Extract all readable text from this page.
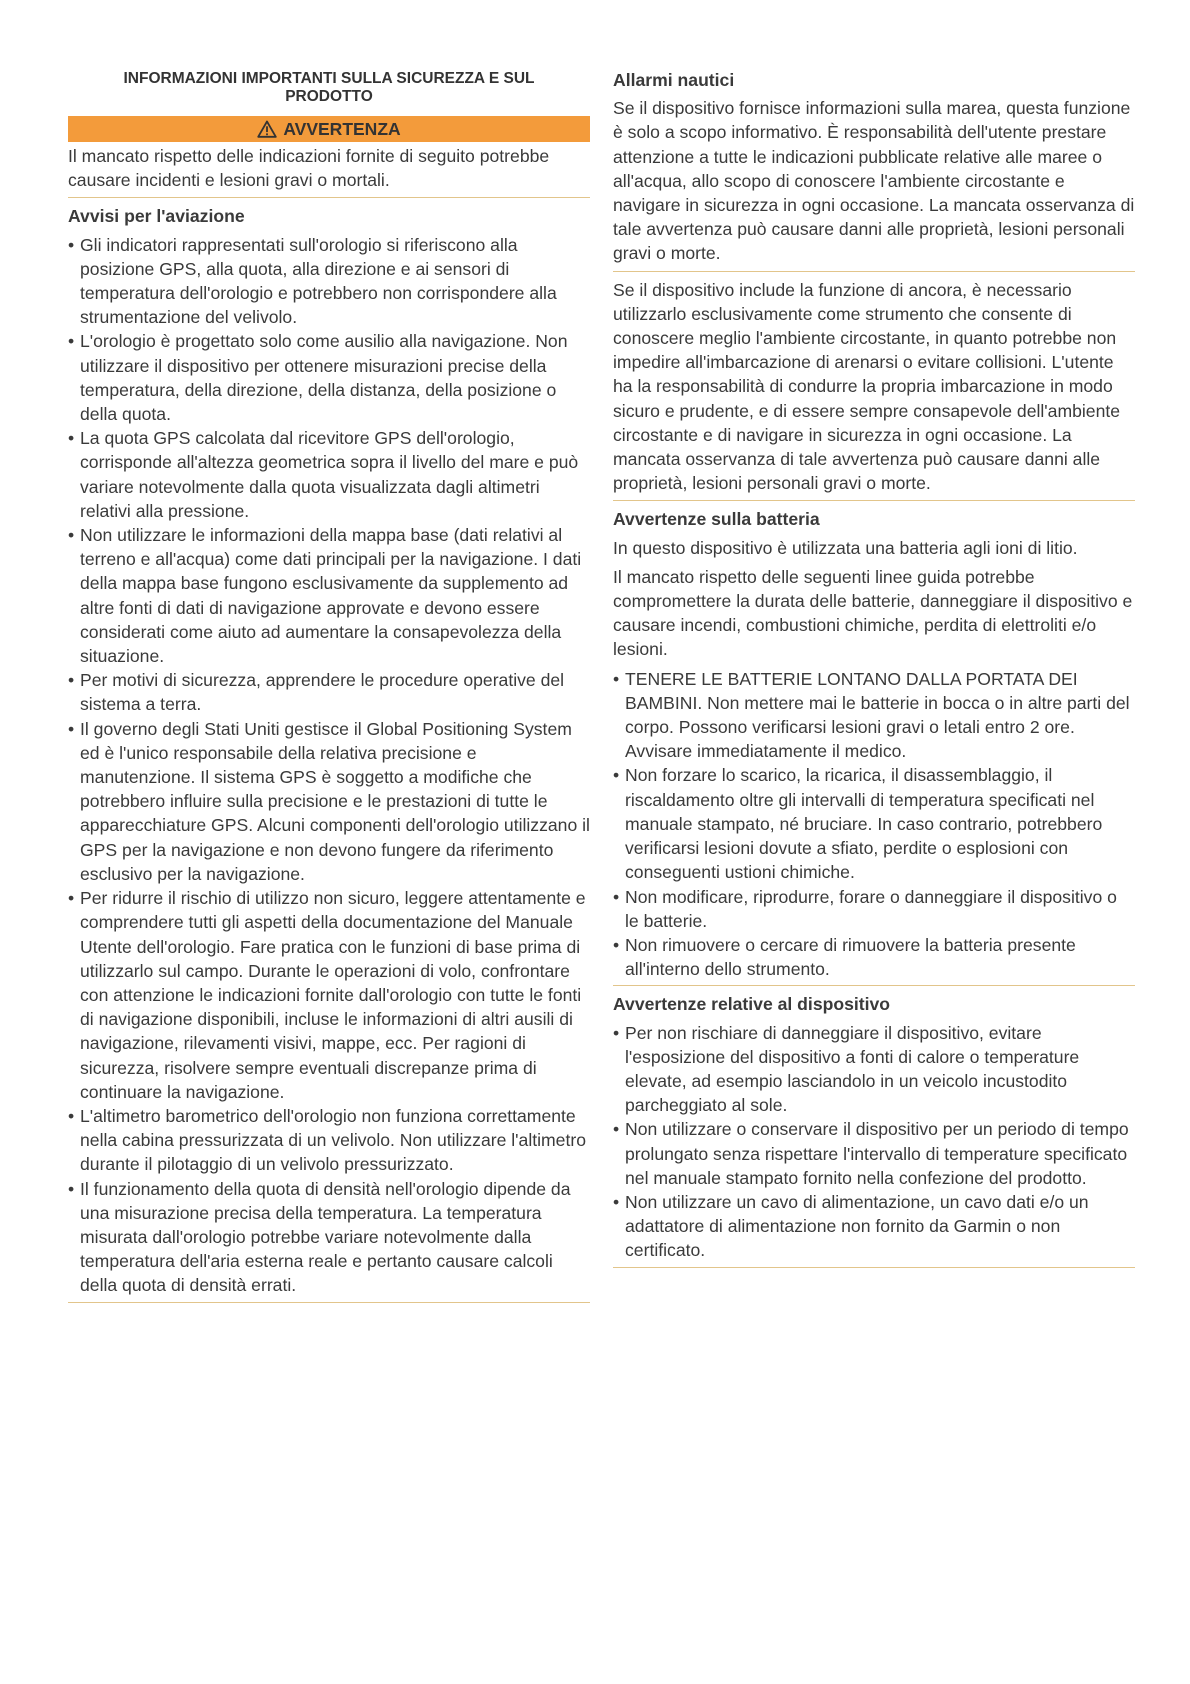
INFORMAZIONI IMPORTANTI SULLA SICUREZZA E SUL PRODOTTO
AVVERTENZA

Il mancato rispetto delle indicazioni fornite di seguito potrebbe causare incidenti e lesioni gravi o mortali.

Avvisi per l'aviazione
• Gli indicatori rappresentati sull'orologio si riferiscono alla posizione GPS, alla quota, alla direzione e ai sensori di temperatura dell'orologio e potrebbero non corrispondere alla strumentazione del velivolo.
• L'orologio è progettato solo come ausilio alla navigazione. Non utilizzare il dispositivo per ottenere misurazioni precise della temperatura, della direzione, della distanza, della posizione o della quota.
• La quota GPS calcolata dal ricevitore GPS dell'orologio, corrisponde all'altezza geometrica sopra il livello del mare e può variare notevolmente dalla quota visualizzata dagli altimetri relativi alla pressione.
• Non utilizzare le informazioni della mappa base (dati relativi al terreno e all'acqua) come dati principali per la navigazione. I dati della mappa base fungono esclusivamente da supplemento ad altre fonti di dati di navigazione approvate e devono essere considerati come aiuto ad aumentare la consapevolezza della situazione.
• Per motivi di sicurezza, apprendere le procedure operative del sistema a terra.
• Il governo degli Stati Uniti gestisce il Global Positioning System ed è l'unico responsabile della relativa precisione e manutenzione. Il sistema GPS è soggetto a modifiche che potrebbero influire sulla precisione e le prestazioni di tutte le apparecchiature GPS. Alcuni componenti dell'orologio utilizzano il GPS per la navigazione e non devono fungere da riferimento esclusivo per la navigazione.
• Per ridurre il rischio di utilizzo non sicuro, leggere attentamente e comprendere tutti gli aspetti della documentazione del Manuale Utente dell'orologio. Fare pratica con le funzioni di base prima di utilizzarlo sul campo. Durante le operazioni di volo, confrontare con attenzione le indicazioni fornite dall'orologio con tutte le fonti di navigazione disponibili, incluse le informazioni di altri ausili di navigazione, rilevamenti visivi, mappe, ecc. Per ragioni di sicurezza, risolvere sempre eventuali discrepanze prima di continuare la navigazione.
• L'altimetro barometrico dell'orologio non funziona correttamente nella cabina pressurizzata di un velivolo. Non utilizzare l'altimetro durante il pilotaggio di un velivolo pressurizzato.
• Il funzionamento della quota di densità nell'orologio dipende da una misurazione precisa della temperatura. La temperatura misurata dall'orologio potrebbe variare notevolmente dalla temperatura dell'aria esterna reale e pertanto causare calcoli della quota di densità errati.
Allarmi nautici

Se il dispositivo fornisce informazioni sulla marea, questa funzione è solo a scopo informativo. È responsabilità dell'utente prestare attenzione a tutte le indicazioni pubblicate relative alle maree o all'acqua, allo scopo di conoscere l'ambiente circostante e navigare in sicurezza in ogni occasione. La mancata osservanza di tale avvertenza può causare danni alle proprietà, lesioni personali gravi o morte.

Se il dispositivo include la funzione di ancora, è necessario utilizzarlo esclusivamente come strumento che consente di conoscere meglio l'ambiente circostante, in quanto potrebbe non impedire all'imbarcazione di arenarsi o evitare collisioni. L'utente ha la responsabilità di condurre la propria imbarcazione in modo sicuro e prudente, e di essere sempre consapevole dell'ambiente circostante e di navigare in sicurezza in ogni occasione. La mancata osservanza di tale avvertenza può causare danni alle proprietà, lesioni personali gravi o morte.

Avvertenze sulla batteria

In questo dispositivo è utilizzata una batteria agli ioni di litio.

Il mancato rispetto delle seguenti linee guida potrebbe compromettere la durata delle batterie, danneggiare il dispositivo e causare incendi, combustioni chimiche, perdita di elettroliti e/o lesioni.

• TENERE LE BATTERIE LONTANO DALLA PORTATA DEI BAMBINI. Non mettere mai le batterie in bocca o in altre parti del corpo. Possono verificarsi lesioni gravi o letali entro 2 ore. Avvisare immediatamente il medico.
• Non forzare lo scarico, la ricarica, il disassemblaggio, il riscaldamento oltre gli intervalli di temperatura specificati nel manuale stampato, né bruciare. In caso contrario, potrebbero verificarsi lesioni dovute a sfiato, perdite o esplosioni con conseguenti ustioni chimiche.
• Non modificare, riprodurre, forare o danneggiare il dispositivo o le batterie.
• Non rimuovere o cercare di rimuovere la batteria presente all'interno dello strumento.
Avvertenze relative al dispositivo
• Per non rischiare di danneggiare il dispositivo, evitare l'esposizione del dispositivo a fonti di calore o temperature elevate, ad esempio lasciandolo in un veicolo incustodito parcheggiato al sole.
• Non utilizzare o conservare il dispositivo per un periodo di tempo prolungato senza rispettare l'intervallo di temperature specificato nel manuale stampato fornito nella confezione del prodotto.
• Non utilizzare un cavo di alimentazione, un cavo dati e/o un adattatore di alimentazione non fornito da Garmin o non certificato.
